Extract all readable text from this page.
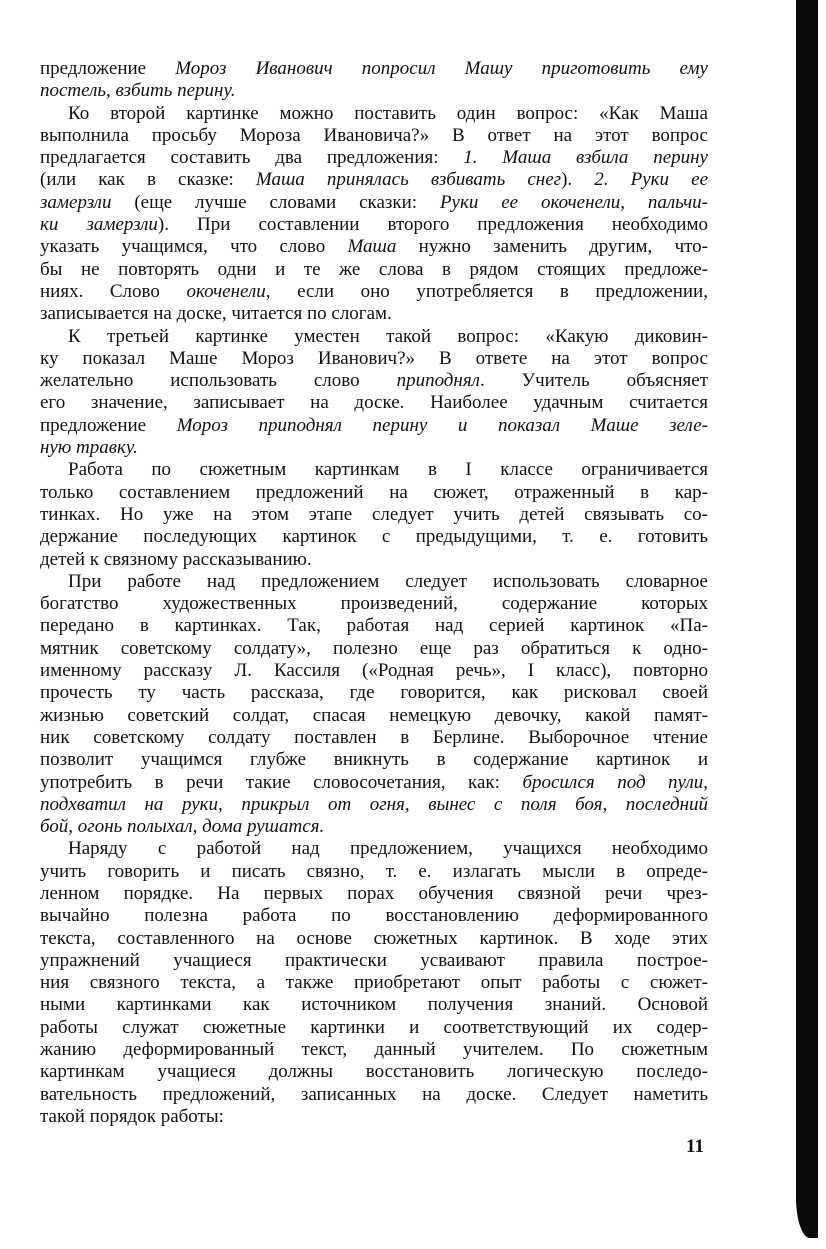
предложение Мороз Иванович попросил Машу приготовить ему
постель, взбить перину.
Ко второй картинке можно поставить один вопрос: «Как Маша
выполнила просьбу Мороза Ивановича?» В ответ на этот вопрос
предлагается составить два предложения: 1. Маша взбила перину
(или как в сказке: Маша принялась взбивать снег). 2. Руки ее
замерзли (еще лучше словами сказки: Руки ее окоченели, пальчи-
ки замерзли). При составлении второго предложения необходимо
указать учащимся, что слово Маша нужно заменить другим, что-
бы не повторять одни и те же слова в рядом стоящих предложе-
ниях. Слово окоченели, если оно употребляется в предложении,
записывается на доске, читается по слогам.
К третьей картинке уместен такой вопрос: «Какую диковин-
ку показал Маше Мороз Иванович?» В ответе на этот вопрос
желательно использовать слово приподнял. Учитель объясняет
его значение, записывает на доске. Наиболее удачным считается
предложение Мороз приподнял перину и показал Маше зеле-
ную травку.
Работа по сюжетным картинкам в I классе ограничивается
только составлением предложений на сюжет, отраженный в кар-
тинках. Но уже на этом этапе следует учить детей связывать со-
держание последующих картинок с предыдущими, т. е. готовить
детей к связному рассказыванию.
При работе над предложением следует использовать словарное
богатство художественных произведений, содержание которых
передано в картинках. Так, работая над серией картинок «Па-
мятник советскому солдату», полезно еще раз обратиться к одно-
именному рассказу Л. Кассиля («Родная речь», I класс), повторно
прочесть ту часть рассказа, где говорится, как рисковал своей
жизнью советский солдат, спасая немецкую девочку, какой памят-
ник советскому солдату поставлен в Берлине. Выборочное чтение
позволит учащимся глубже вникнуть в содержание картинок и
употребить в речи такие словосочетания, как: бросился под пули,
подхватил на руки, прикрыл от огня, вынес с поля боя, последний
бой, огонь полыхал, дома рушатся.
Наряду с работой над предложением, учащихся необходимо
учить говорить и писать связно, т. е. излагать мысли в опреде-
ленном порядке. На первых порах обучения связной речи чрез-
вычайно полезна работа по восстановлению деформированного
текста, составленного на основе сюжетных картинок. В ходе этих
упражнений учащиеся практически усваивают правила построе-
ния связного текста, а также приобретают опыт работы с сюжет-
ными картинками как источником получения знаний. Основой
работы служат сюжетные картинки и соответствующий их содер-
жанию деформированный текст, данный учителем. По сюжетным
картинкам учащиеся должны восстановить логическую последо-
вательность предложений, записанных на доске. Следует наметить
такой порядок работы:
11
